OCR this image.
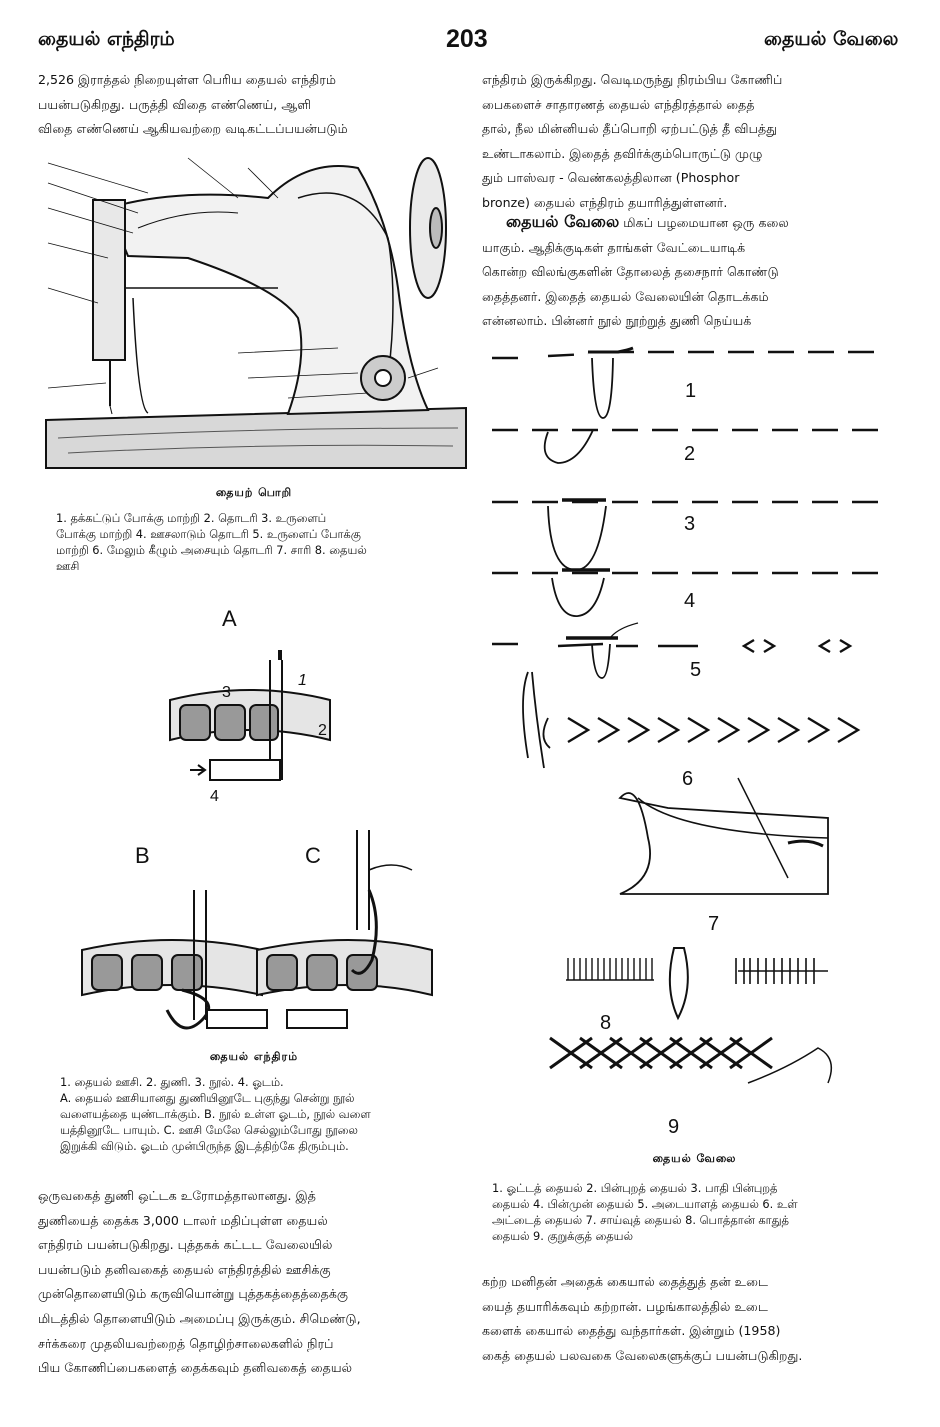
தையல் எந்திரம்	203	தையல் வேலை
2,526 இராத்தல் நிறையுள்ள பெரிய தையல் எந்திரம்
பயன்படுகிறது. பருத்தி விதை எண்ணெய், ஆளி
விதை எண்ணெய் ஆகியவற்றை வடிகட்டப்பயன்படும்
தையற் பொறி
1. தக்கட்டுப் போக்கு மாற்றி 2. தொடரி 3. உருளைப்
போக்கு மாற்றி 4. ஊசலாடும் தொடரி 5. உருளைப் போக்கு
மாற்றி 6. மேலும் கீழும் அசையும் தொடரி 7. சாரி 8. தையல்
ஊசி
A
B	C
1
2
3
4
தையல் எந்திரம்
1. தையல் ஊசி. 2. துணி. 3. நூல். 4. ஓடம்.
A. தையல் ஊசியானது துணியினூடே புகுந்து சென்று நூல்
வளையத்தை யுண்டாக்கும். B. நூல் உள்ள ஓடம், நூல் வளை
யத்தினூடே பாயும். C. ஊசி மேலே செல்லும்போது நூலை
இறுக்கி விடும். ஓடம் முன்பிருந்த இடத்திற்கே திரும்பும்.
ஒருவகைத் துணி ஒட்டக உரோமத்தாலானது. இத்
துணியைத் தைக்க 3,000 டாலர் மதிப்புள்ள தையல்
எந்திரம் பயன்படுகிறது. புத்தகக் கட்டட வேலையில்
பயன்படும் தனிவகைத் தையல் எந்திரத்தில் ஊசிக்கு
முன்தொளையிடும் கருவியொன்று புத்தகத்தைத்தைக்கு
மிடத்தில் தொளையிடும் அமைப்பு இருக்கும். சிமெண்டு,
சர்க்கரை முதலியவற்றைத் தொழிற்சாலைகளில் நிரப்
பிய கோணிப்பைகளைத் தைக்கவும் தனிவகைத் தையல்
எந்திரம் இருக்கிறது. வெடிமருந்து நிரம்பிய கோணிப்
பைகளைச் சாதாரணத் தையல் எந்திரத்தால் தைத்
தால், நீல மின்னியல் தீப்பொறி ஏற்பட்டுத் தீ விபத்து
உண்டாகலாம். இதைத் தவிர்க்கும்பொருட்டு முழு
தும் பாஸ்வர - வெண்கலத்திலான (Phosphor
bronze) தையல் எந்திரம் தயாரித்துள்ளனர்.
தையல் வேலை மிகப் பழமையான ஒரு கலை
யாகும். ஆதிக்குடிகள் தாங்கள் வேட்டையாடிக்
கொன்ற விலங்குகளின் தோலைத் தசைநார் கொண்டு
தைத்தனர். இதைத் தையல் வேலையின் தொடக்கம்
என்னலாம். பின்னர் நூல் நூற்றுத் துணி நெய்யக்
1
2
3
4
5
6
7
8
9
தையல் வேலை
1. ஓட்டத் தையல் 2. பின்புறத் தையல் 3. பாதி பின்புறத்
தையல் 4. பின்முன் தையல் 5. அடையாளத் தையல் 6. உள்
அட்டைத் தையல் 7. சாய்வுத் தையல் 8. பொத்தான் காதுத்
தையல் 9. குறுக்குத் தையல்
கற்ற மனிதன் அதைக் கையால் தைத்துத் தன் உடை
யைத் தயாரிக்கவும் கற்றான். பழங்காலத்தில் உடை
களைக் கையால் தைத்து வந்தார்கள். இன்றும் (1958)
கைத் தையல் பலவகை வேலைகளுக்குப் பயன்படுகிறது.
